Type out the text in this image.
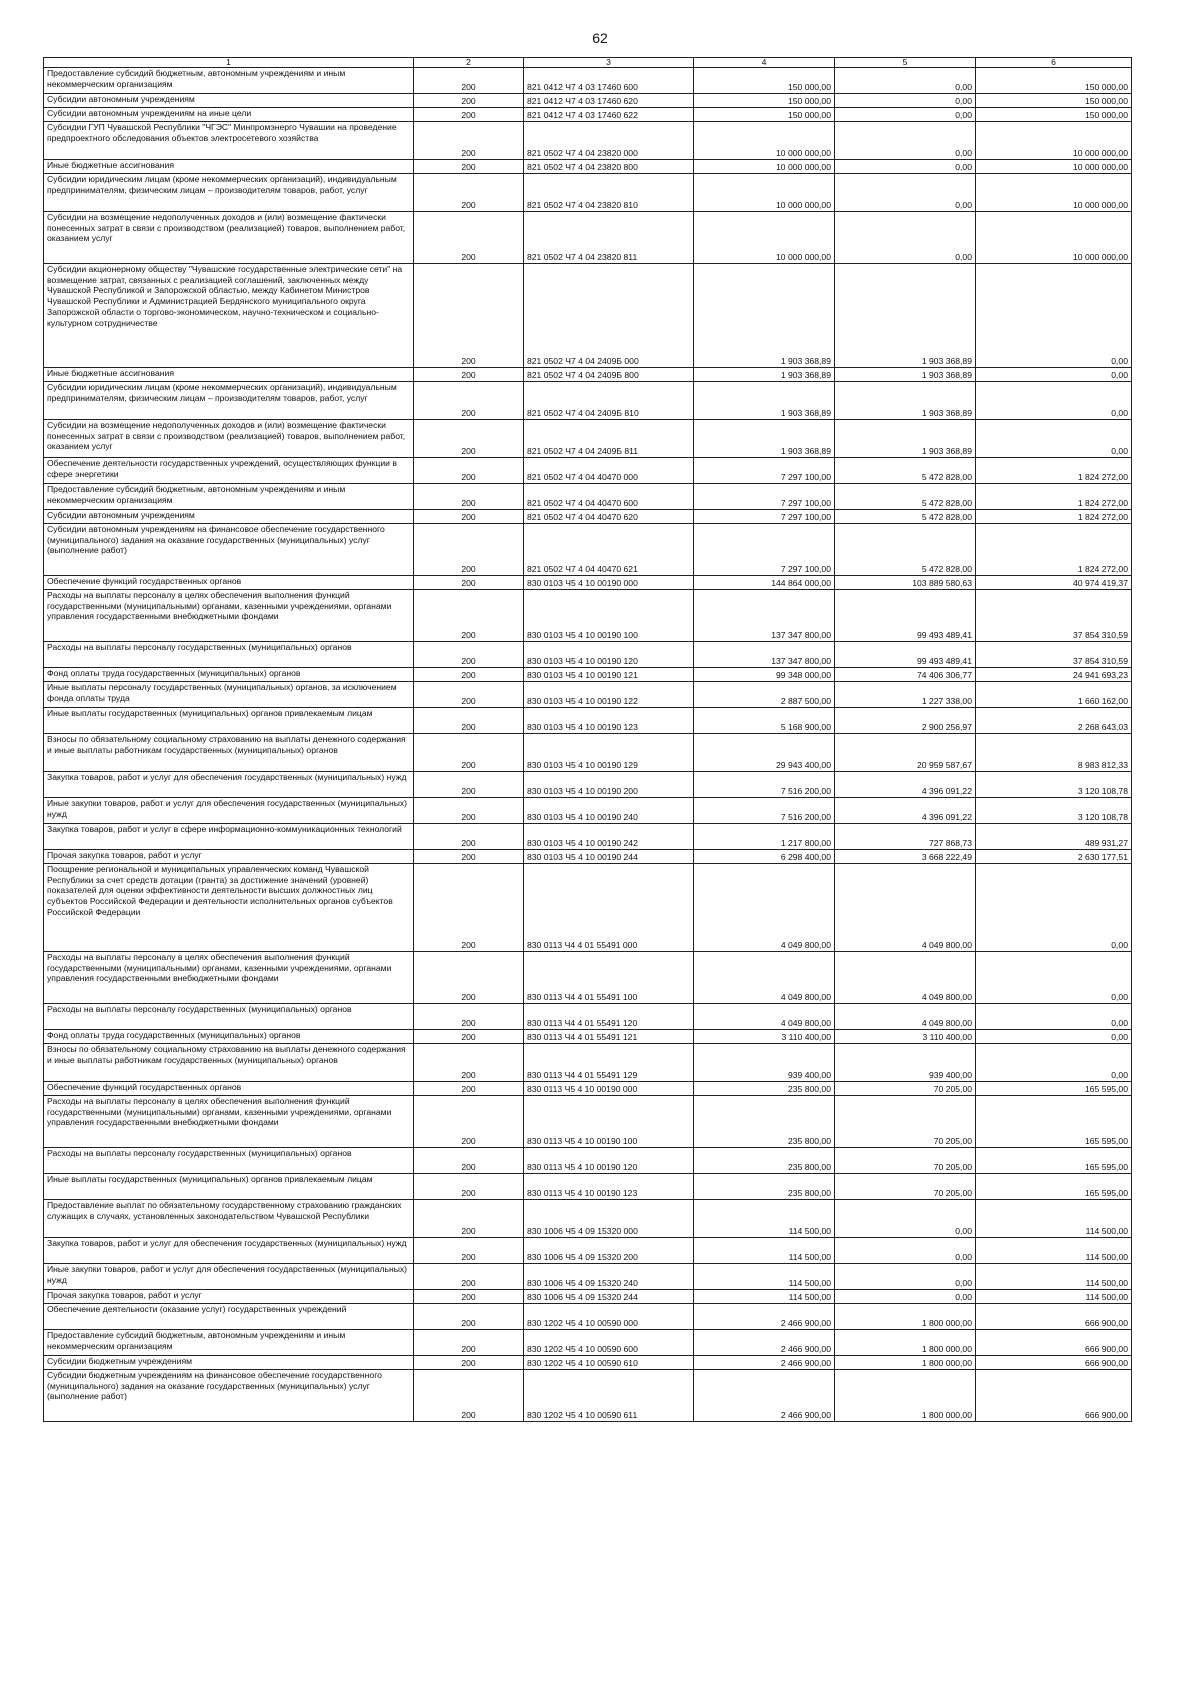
62
1	2	3	4	5	6
Предоставление субсидий бюджетным, автономным учреждениям и иным некоммерческим организациям	200	821 0412 Ч7 4 03 17460 600	150 000,00	0,00	150 000,00
Субсидии автономным учреждениям	200	821 0412 Ч7 4 03 17460 620	150 000,00	0,00	150 000,00
Субсидии автономным учреждениям на иные цели	200	821 0412 Ч7 4 03 17460 622	150 000,00	0,00	150 000,00
Субсидии ГУП Чувашской Республики "ЧГЭС" Минпромэнерго Чувашии на проведение предпроектного обследования объектов электросетевого хозяйства	200	821 0502 Ч7 4 04 23820 000	10 000 000,00	0,00	10 000 000,00
Иные бюджетные ассигнования	200	821 0502 Ч7 4 04 23820 800	10 000 000,00	0,00	10 000 000,00
Субсидии юридическим лицам (кроме некоммерческих организаций), индивидуальным предпринимателям, физическим лицам – производителям товаров, работ, услуг	200	821 0502 Ч7 4 04 23820 810	10 000 000,00	0,00	10 000 000,00
Субсидии на возмещение недополученных доходов и (или) возмещение фактически понесенных затрат в связи с производством (реализацией) товаров, выполнением работ, оказанием услуг	200	821 0502 Ч7 4 04 23820 811	10 000 000,00	0,00	10 000 000,00
Субсидии акционерному обществу "Чувашские государственные электрические сети" на возмещение затрат, связанных с реализацией соглашений, заключенных между Чувашской Республикой и Запорожской областью, между Кабинетом Министров Чувашской Республики и Администрацией Бердянского муниципального округа Запорожской области о торгово-экономическом, научно-техническом и социально-культурном сотрудничестве	200	821 0502 Ч7 4 04 2409Б 000	1 903 368,89	1 903 368,89	0,00
Иные бюджетные ассигнования	200	821 0502 Ч7 4 04 2409Б 800	1 903 368,89	1 903 368,89	0,00
Субсидии юридическим лицам (кроме некоммерческих организаций), индивидуальным предпринимателям, физическим лицам – производителям товаров, работ, услуг	200	821 0502 Ч7 4 04 2409Б 810	1 903 368,89	1 903 368,89	0,00
Субсидии на возмещение недополученных доходов и (или) возмещение фактически понесенных затрат в связи с производством (реализацией) товаров, выполнением работ, оказанием услуг	200	821 0502 Ч7 4 04 2409Б 811	1 903 368,89	1 903 368,89	0,00
Обеспечение деятельности государственных учреждений, осуществляющих функции в сфере энергетики	200	821 0502 Ч7 4 04 40470 000	7 297 100,00	5 472 828,00	1 824 272,00
Предоставление субсидий бюджетным, автономным учреждениям и иным некоммерческим организациям	200	821 0502 Ч7 4 04 40470 600	7 297 100,00	5 472 828,00	1 824 272,00
Субсидии автономным учреждениям	200	821 0502 Ч7 4 04 40470 620	7 297 100,00	5 472 828,00	1 824 272,00
Субсидии автономным учреждениям на финансовое обеспечение государственного (муниципального) задания на оказание государственных (муниципальных) услуг (выполнение работ)	200	821 0502 Ч7 4 04 40470 621	7 297 100,00	5 472 828,00	1 824 272,00
Обеспечение функций государственных органов	200	830 0103 Ч5 4 10 00190 000	144 864 000,00	103 889 580,63	40 974 419,37
Расходы на выплаты персоналу в целях обеспечения выполнения функций государственными (муниципальными) органами, казенными учреждениями, органами управления государственными внебюджетными фондами	200	830 0103 Ч5 4 10 00190 100	137 347 800,00	99 493 489,41	37 854 310,59
Расходы на выплаты персоналу государственных (муниципальных) органов	200	830 0103 Ч5 4 10 00190 120	137 347 800,00	99 493 489,41	37 854 310,59
Фонд оплаты труда государственных (муниципальных) органов	200	830 0103 Ч5 4 10 00190 121	99 348 000,00	74 406 306,77	24 941 693,23
Иные выплаты персоналу государственных (муниципальных) органов, за исключением фонда оплаты труда	200	830 0103 Ч5 4 10 00190 122	2 887 500,00	1 227 338,00	1 660 162,00
Иные выплаты государственных (муниципальных) органов привлекаемым лицам	200	830 0103 Ч5 4 10 00190 123	5 168 900,00	2 900 256,97	2 268 643,03
Взносы по обязательному социальному страхованию на выплаты денежного содержания и иные выплаты работникам государственных (муниципальных) органов	200	830 0103 Ч5 4 10 00190 129	29 943 400,00	20 959 587,67	8 983 812,33
Закупка товаров, работ и услуг для обеспечения государственных (муниципальных) нужд	200	830 0103 Ч5 4 10 00190 200	7 516 200,00	4 396 091,22	3 120 108,78
Иные закупки товаров, работ и услуг для обеспечения государственных (муниципальных) нужд	200	830 0103 Ч5 4 10 00190 240	7 516 200,00	4 396 091,22	3 120 108,78
Закупка товаров, работ и услуг в сфере информационно-коммуникационных технологий	200	830 0103 Ч5 4 10 00190 242	1 217 800,00	727 868,73	489 931,27
Прочая закупка товаров, работ и услуг	200	830 0103 Ч5 4 10 00190 244	6 298 400,00	3 668 222,49	2 630 177,51
Поощрение региональной и муниципальных управленческих команд Чувашской Республики за счет средств дотации (гранта) за достижение значений (уровней) показателей для оценки эффективности деятельности высших должностных лиц субъектов Российской Федерации и деятельности исполнительных органов субъектов Российской Федерации	200	830 0113 Ч4 4 01 55491 000	4 049 800,00	4 049 800,00	0,00
Расходы на выплаты персоналу в целях обеспечения выполнения функций государственными (муниципальными) органами, казенными учреждениями, органами управления государственными внебюджетными фондами	200	830 0113 Ч4 4 01 55491 100	4 049 800,00	4 049 800,00	0,00
Расходы на выплаты персоналу государственных (муниципальных) органов	200	830 0113 Ч4 4 01 55491 120	4 049 800,00	4 049 800,00	0,00
Фонд оплаты труда государственных (муниципальных) органов	200	830 0113 Ч4 4 01 55491 121	3 110 400,00	3 110 400,00	0,00
Взносы по обязательному социальному страхованию на выплаты денежного содержания и иные выплаты работникам государственных (муниципальных) органов	200	830 0113 Ч4 4 01 55491 129	939 400,00	939 400,00	0,00
Обеспечение функций государственных органов	200	830 0113 Ч5 4 10 00190 000	235 800,00	70 205,00	165 595,00
Расходы на выплаты персоналу в целях обеспечения выполнения функций государственными (муниципальными) органами, казенными учреждениями, органами управления государственными внебюджетными фондами	200	830 0113 Ч5 4 10 00190 100	235 800,00	70 205,00	165 595,00
Расходы на выплаты персоналу государственных (муниципальных) органов	200	830 0113 Ч5 4 10 00190 120	235 800,00	70 205,00	165 595,00
Иные выплаты государственных (муниципальных) органов привлекаемым лицам	200	830 0113 Ч5 4 10 00190 123	235 800,00	70 205,00	165 595,00
Предоставление выплат по обязательному государственному страхованию гражданских служащих в случаях, установленных законодательством Чувашской Республики	200	830 1006 Ч5 4 09 15320 000	114 500,00	0,00	114 500,00
Закупка товаров, работ и услуг для обеспечения государственных (муниципальных) нужд	200	830 1006 Ч5 4 09 15320 200	114 500,00	0,00	114 500,00
Иные закупки товаров, работ и услуг для обеспечения государственных (муниципальных) нужд	200	830 1006 Ч5 4 09 15320 240	114 500,00	0,00	114 500,00
Прочая закупка товаров, работ и услуг	200	830 1006 Ч5 4 09 15320 244	114 500,00	0,00	114 500,00
Обеспечение деятельности (оказание услуг) государственных учреждений	200	830 1202 Ч5 4 10 00590 000	2 466 900,00	1 800 000,00	666 900,00
Предоставление субсидий бюджетным, автономным учреждениям и иным некоммерческим организациям	200	830 1202 Ч5 4 10 00590 600	2 466 900,00	1 800 000,00	666 900,00
Субсидии бюджетным учреждениям	200	830 1202 Ч5 4 10 00590 610	2 466 900,00	1 800 000,00	666 900,00
Субсидии бюджетным учреждениям на финансовое обеспечение государственного (муниципального) задания на оказание государственных (муниципальных) услуг (выполнение работ)	200	830 1202 Ч5 4 10 00590 611	2 466 900,00	1 800 000,00	666 900,00
